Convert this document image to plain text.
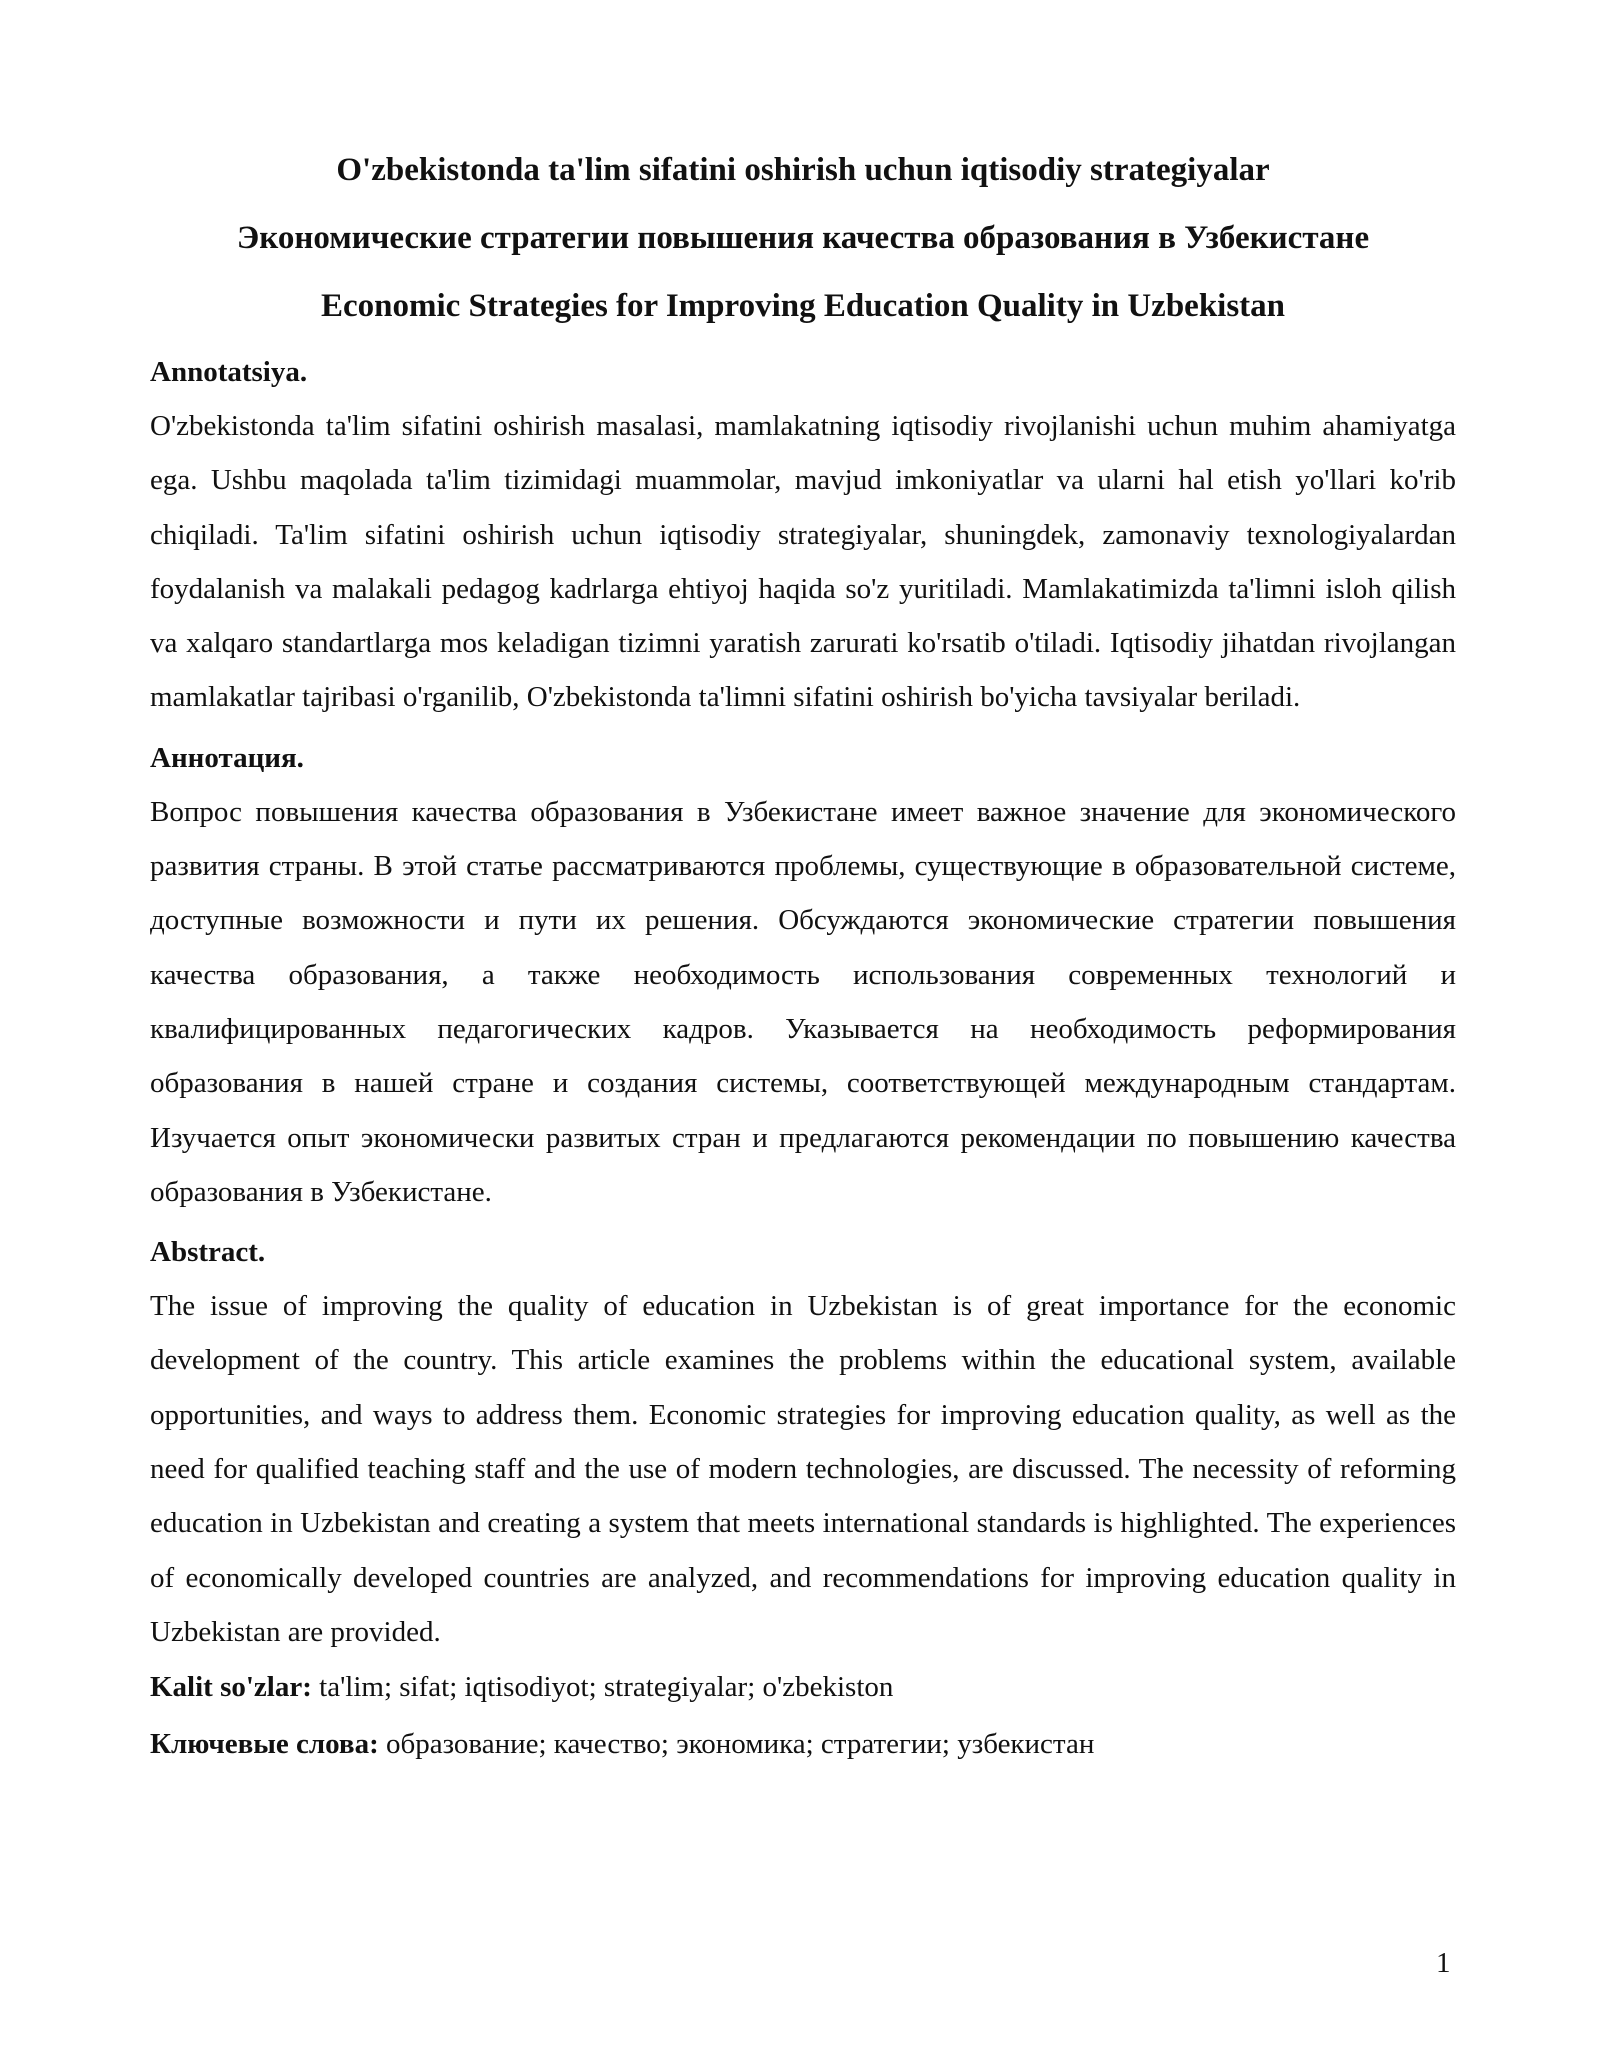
O'zbekistonda ta'lim sifatini oshirish uchun iqtisodiy strategiyalar
Экономические стратегии повышения качества образования в Узбекистане
Economic Strategies for Improving Education Quality in Uzbekistan

Annotatsiya.

O'zbekistonda ta'lim sifatini oshirish masalasi, mamlakatning iqtisodiy rivojlanishi uchun muhim ahamiyatga ega. Ushbu maqolada ta'lim tizimidagi muammolar, mavjud imkoniyatlar va ularni hal etish yo'llari ko'rib chiqiladi. Ta'lim sifatini oshirish uchun iqtisodiy strategiyalar, shuningdek, zamonaviy texnologiyalardan foydalanish va malakali pedagog kadrlarga ehtiyoj haqida so'z yuritiladi. Mamlakatimizda ta'limni isloh qilish va xalqaro standartlarga mos keladigan tizimni yaratish zarurati ko'rsatib o'tiladi. Iqtisodiy jihatdan rivojlangan mamlakatlar tajribasi o'rganilib, O'zbekistonda ta'limni sifatini oshirish bo'yicha tavsiyalar beriladi.

Аннотация.

Вопрос повышения качества образования в Узбекистане имеет важное значение для экономического развития страны. В этой статье рассматриваются проблемы, существующие в образовательной системе, доступные возможности и пути их решения. Обсуждаются экономические стратегии повышения качества образования, а также необходимость использования современных технологий и квалифицированных педагогических кадров. Указывается на необходимость реформирования образования в нашей стране и создания системы, соответствующей международным стандартам. Изучается опыт экономически развитых стран и предлагаются рекомендации по повышению качества образования в Узбекистане.

Abstract.

The issue of improving the quality of education in Uzbekistan is of great importance for the economic development of the country. This article examines the problems within the educational system, available opportunities, and ways to address them. Economic strategies for improving education quality, as well as the need for qualified teaching staff and the use of modern technologies, are discussed. The necessity of reforming education in Uzbekistan and creating a system that meets international standards is highlighted. The experiences of economically developed countries are analyzed, and recommendations for improving education quality in Uzbekistan are provided.

Kalit so'zlar: ta'lim; sifat; iqtisodiyot; strategiyalar; o'zbekiston

Ключевые слова: образование; качество; экономика; стратегии; узбекистан

1
